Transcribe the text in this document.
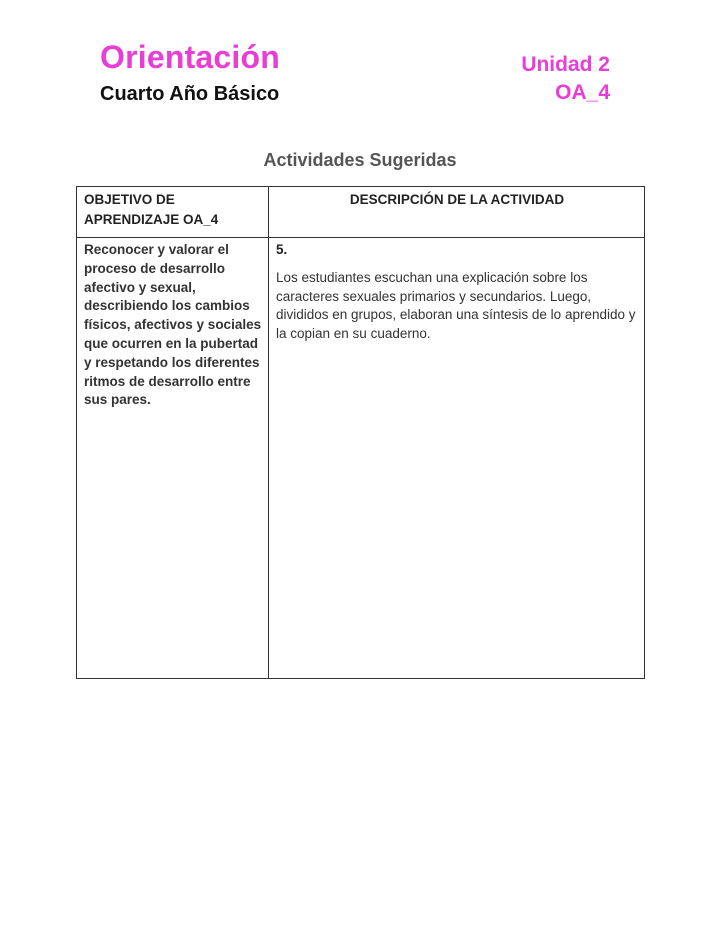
Orientación
Cuarto Año Básico
Unidad 2
OA_4
Actividades Sugeridas
OBJETIVO DE APRENDIZAJE OA_4	DESCRIPCIÓN DE LA ACTIVIDAD

Reconocer y valorar el proceso de desarrollo afectivo y sexual, describiendo los cambios físicos, afectivos y sociales que ocurren en la pubertad y respetando los diferentes ritmos de desarrollo entre sus pares.	5.
Los estudiantes escuchan una explicación sobre los caracteres sexuales primarios y secundarios. Luego, divididos en grupos, elaboran una síntesis de lo aprendido y la copian en su cuaderno.
